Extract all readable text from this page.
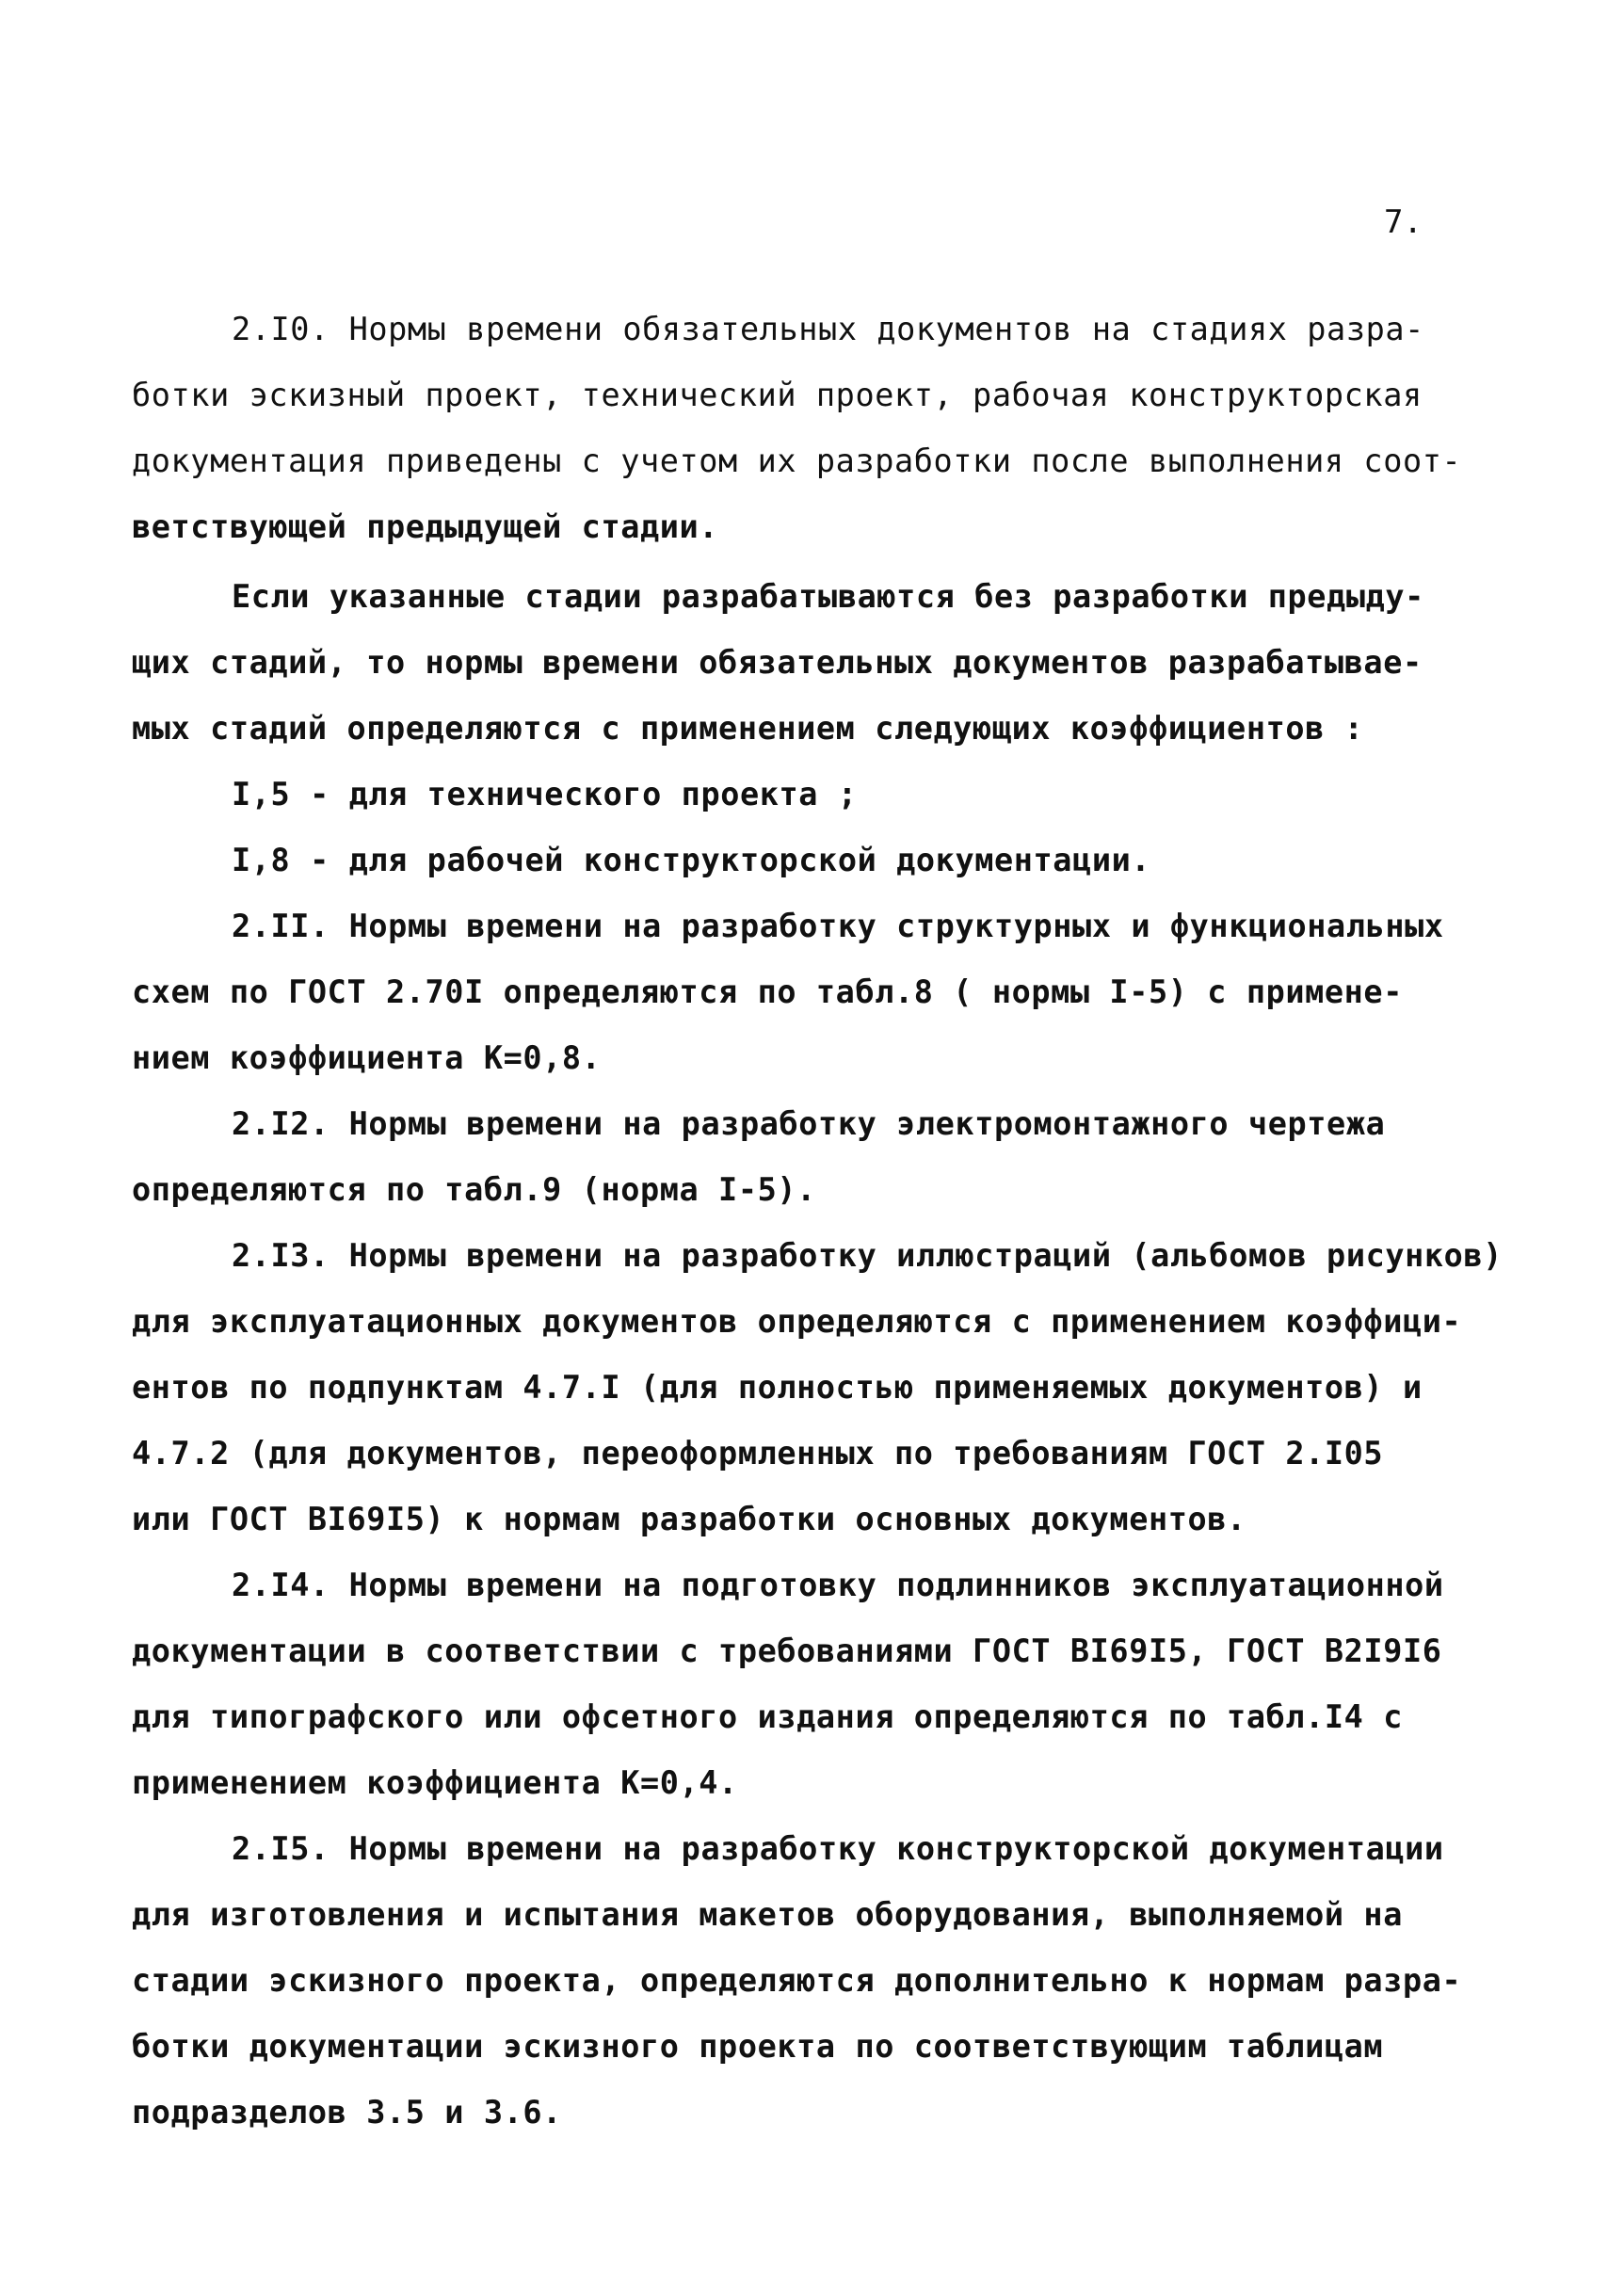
7.
2.I0. Нормы времени обязательных документов на стадиях разра-
ботки эскизный проект, технический проект, рабочая конструкторская
документация приведены с учетом их разработки после выполнения соот-
ветствующей предыдущей стадии.
Если указанные стадии разрабатываются без разработки предыду-
щих стадий, то нормы времени обязательных документов разрабатывае-
мых стадий определяются с применением следующих коэффициентов :
I,5 - для технического проекта ;
I,8 - для рабочей конструкторской документации.
2.II. Нормы времени на разработку структурных и функциональных
схем по ГОСТ 2.70I определяются по табл.8 ( нормы I-5) с примене-
нием коэффициента К=0,8.
2.I2. Нормы времени на разработку электромонтажного чертежа
определяются по табл.9 (норма I-5).
2.I3. Нормы времени на разработку иллюстраций (альбомов рисунков)
для эксплуатационных документов определяются с применением коэффици-
ентов по подпунктам 4.7.I (для полностью применяемых документов) и
4.7.2 (для документов, переоформленных по требованиям ГОСТ 2.I05
или ГОСТ ВI69I5) к нормам разработки основных документов.
2.I4. Нормы времени на подготовку подлинников эксплуатационной
документации в соответствии с требованиями ГОСТ ВI69I5, ГОСТ В2I9I6
для типографского или офсетного издания определяются по табл.I4 с
применением коэффициента К=0,4.
2.I5. Нормы времени на разработку конструкторской документации
для изготовления и испытания макетов оборудования, выполняемой на
стадии эскизного проекта, определяются дополнительно к нормам разра-
ботки документации эскизного проекта по соответствующим таблицам
подразделов 3.5 и 3.6.
